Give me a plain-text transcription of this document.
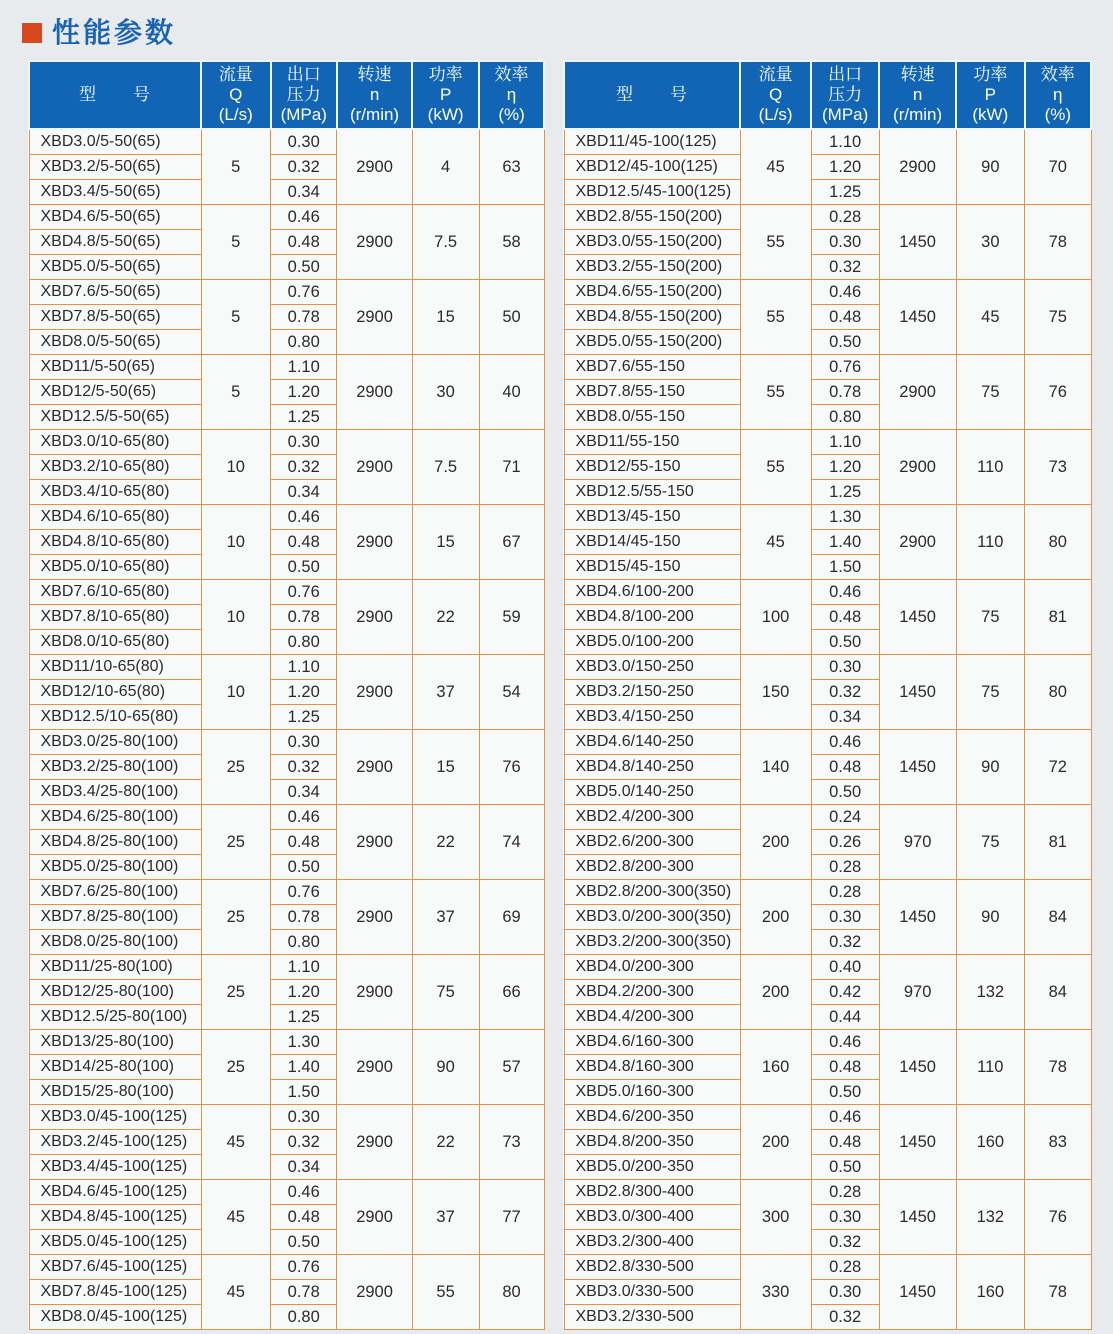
性能参数
型　　号

流量
Q
(L/s)

出口
压力
(MPa)

转速
n
(r/min)

功率
P
(kW)

效率
η
(%)

XBD3.0/5-50(65)	5	0.30	2900	4	63
XBD3.2/5-50(65)		0.32			
XBD3.4/5-50(65)		0.34			
XBD4.6/5-50(65)	5	0.46	2900	7.5	58
XBD4.8/5-50(65)		0.48			
XBD5.0/5-50(65)		0.50			
XBD7.6/5-50(65)	5	0.76	2900	15	50
XBD7.8/5-50(65)		0.78			
XBD8.0/5-50(65)		0.80			
XBD11/5-50(65)	5	1.10	2900	30	40
XBD12/5-50(65)		1.20			
XBD12.5/5-50(65)		1.25			
XBD3.0/10-65(80)	10	0.30	2900	7.5	71
XBD3.2/10-65(80)		0.32			
XBD3.4/10-65(80)		0.34			
XBD4.6/10-65(80)	10	0.46	2900	15	67
XBD4.8/10-65(80)		0.48			
XBD5.0/10-65(80)		0.50			
XBD7.6/10-65(80)	10	0.76	2900	22	59
XBD7.8/10-65(80)		0.78			
XBD8.0/10-65(80)		0.80			
XBD11/10-65(80)	10	1.10	2900	37	54
XBD12/10-65(80)		1.20			
XBD12.5/10-65(80)		1.25			
XBD3.0/25-80(100)	25	0.30	2900	15	76
XBD3.2/25-80(100)		0.32			
XBD3.4/25-80(100)		0.34			
XBD4.6/25-80(100)	25	0.46	2900	22	74
XBD4.8/25-80(100)		0.48			
XBD5.0/25-80(100)		0.50			
XBD7.6/25-80(100)	25	0.76	2900	37	69
XBD7.8/25-80(100)		0.78			
XBD8.0/25-80(100)		0.80			
XBD11/25-80(100)	25	1.10	2900	75	66
XBD12/25-80(100)		1.20			
XBD12.5/25-80(100)		1.25			
XBD13/25-80(100)	25	1.30	2900	90	57
XBD14/25-80(100)		1.40			
XBD15/25-80(100)		1.50			
XBD3.0/45-100(125)	45	0.30	2900	22	73
XBD3.2/45-100(125)		0.32			
XBD3.4/45-100(125)		0.34			
XBD4.6/45-100(125)	45	0.46	2900	37	77
XBD4.8/45-100(125)		0.48			
XBD5.0/45-100(125)		0.50			
XBD7.6/45-100(125)	45	0.76	2900	55	80
XBD7.8/45-100(125)		0.78			
XBD8.0/45-100(125)		0.80			
型　　号

流量
Q
(L/s)

出口
压力
(MPa)

转速
n
(r/min)

功率
P
(kW)

效率
η
(%)

XBD11/45-100(125)	45	1.10	2900	90	70
XBD12/45-100(125)		1.20			
XBD12.5/45-100(125)		1.25			
XBD2.8/55-150(200)	55	0.28	1450	30	78
XBD3.0/55-150(200)		0.30			
XBD3.2/55-150(200)		0.32			
XBD4.6/55-150(200)	55	0.46	1450	45	75
XBD4.8/55-150(200)		0.48			
XBD5.0/55-150(200)		0.50			
XBD7.6/55-150	55	0.76	2900	75	76
XBD7.8/55-150		0.78			
XBD8.0/55-150		0.80			
XBD11/55-150	55	1.10	2900	110	73
XBD12/55-150		1.20			
XBD12.5/55-150		1.25			
XBD13/45-150	45	1.30	2900	110	80
XBD14/45-150		1.40			
XBD15/45-150		1.50			
XBD4.6/100-200	100	0.46	1450	75	81
XBD4.8/100-200		0.48			
XBD5.0/100-200		0.50			
XBD3.0/150-250	150	0.30	1450	75	80
XBD3.2/150-250		0.32			
XBD3.4/150-250		0.34			
XBD4.6/140-250	140	0.46	1450	90	72
XBD4.8/140-250		0.48			
XBD5.0/140-250		0.50			
XBD2.4/200-300	200	0.24	970	75	81
XBD2.6/200-300		0.26			
XBD2.8/200-300		0.28			
XBD2.8/200-300(350)	200	0.28	1450	90	84
XBD3.0/200-300(350)		0.30			
XBD3.2/200-300(350)		0.32			
XBD4.0/200-300	200	0.40	970	132	84
XBD4.2/200-300		0.42			
XBD4.4/200-300		0.44			
XBD4.6/160-300	160	0.46	1450	110	78
XBD4.8/160-300		0.48			
XBD5.0/160-300		0.50			
XBD4.6/200-350	200	0.46	1450	160	83
XBD4.8/200-350		0.48			
XBD5.0/200-350		0.50			
XBD2.8/300-400	300	0.28	1450	132	76
XBD3.0/300-400		0.30			
XBD3.2/300-400		0.32			
XBD2.8/330-500	330	0.28	1450	160	78
XBD3.0/330-500		0.30			
XBD3.2/330-500		0.32			
